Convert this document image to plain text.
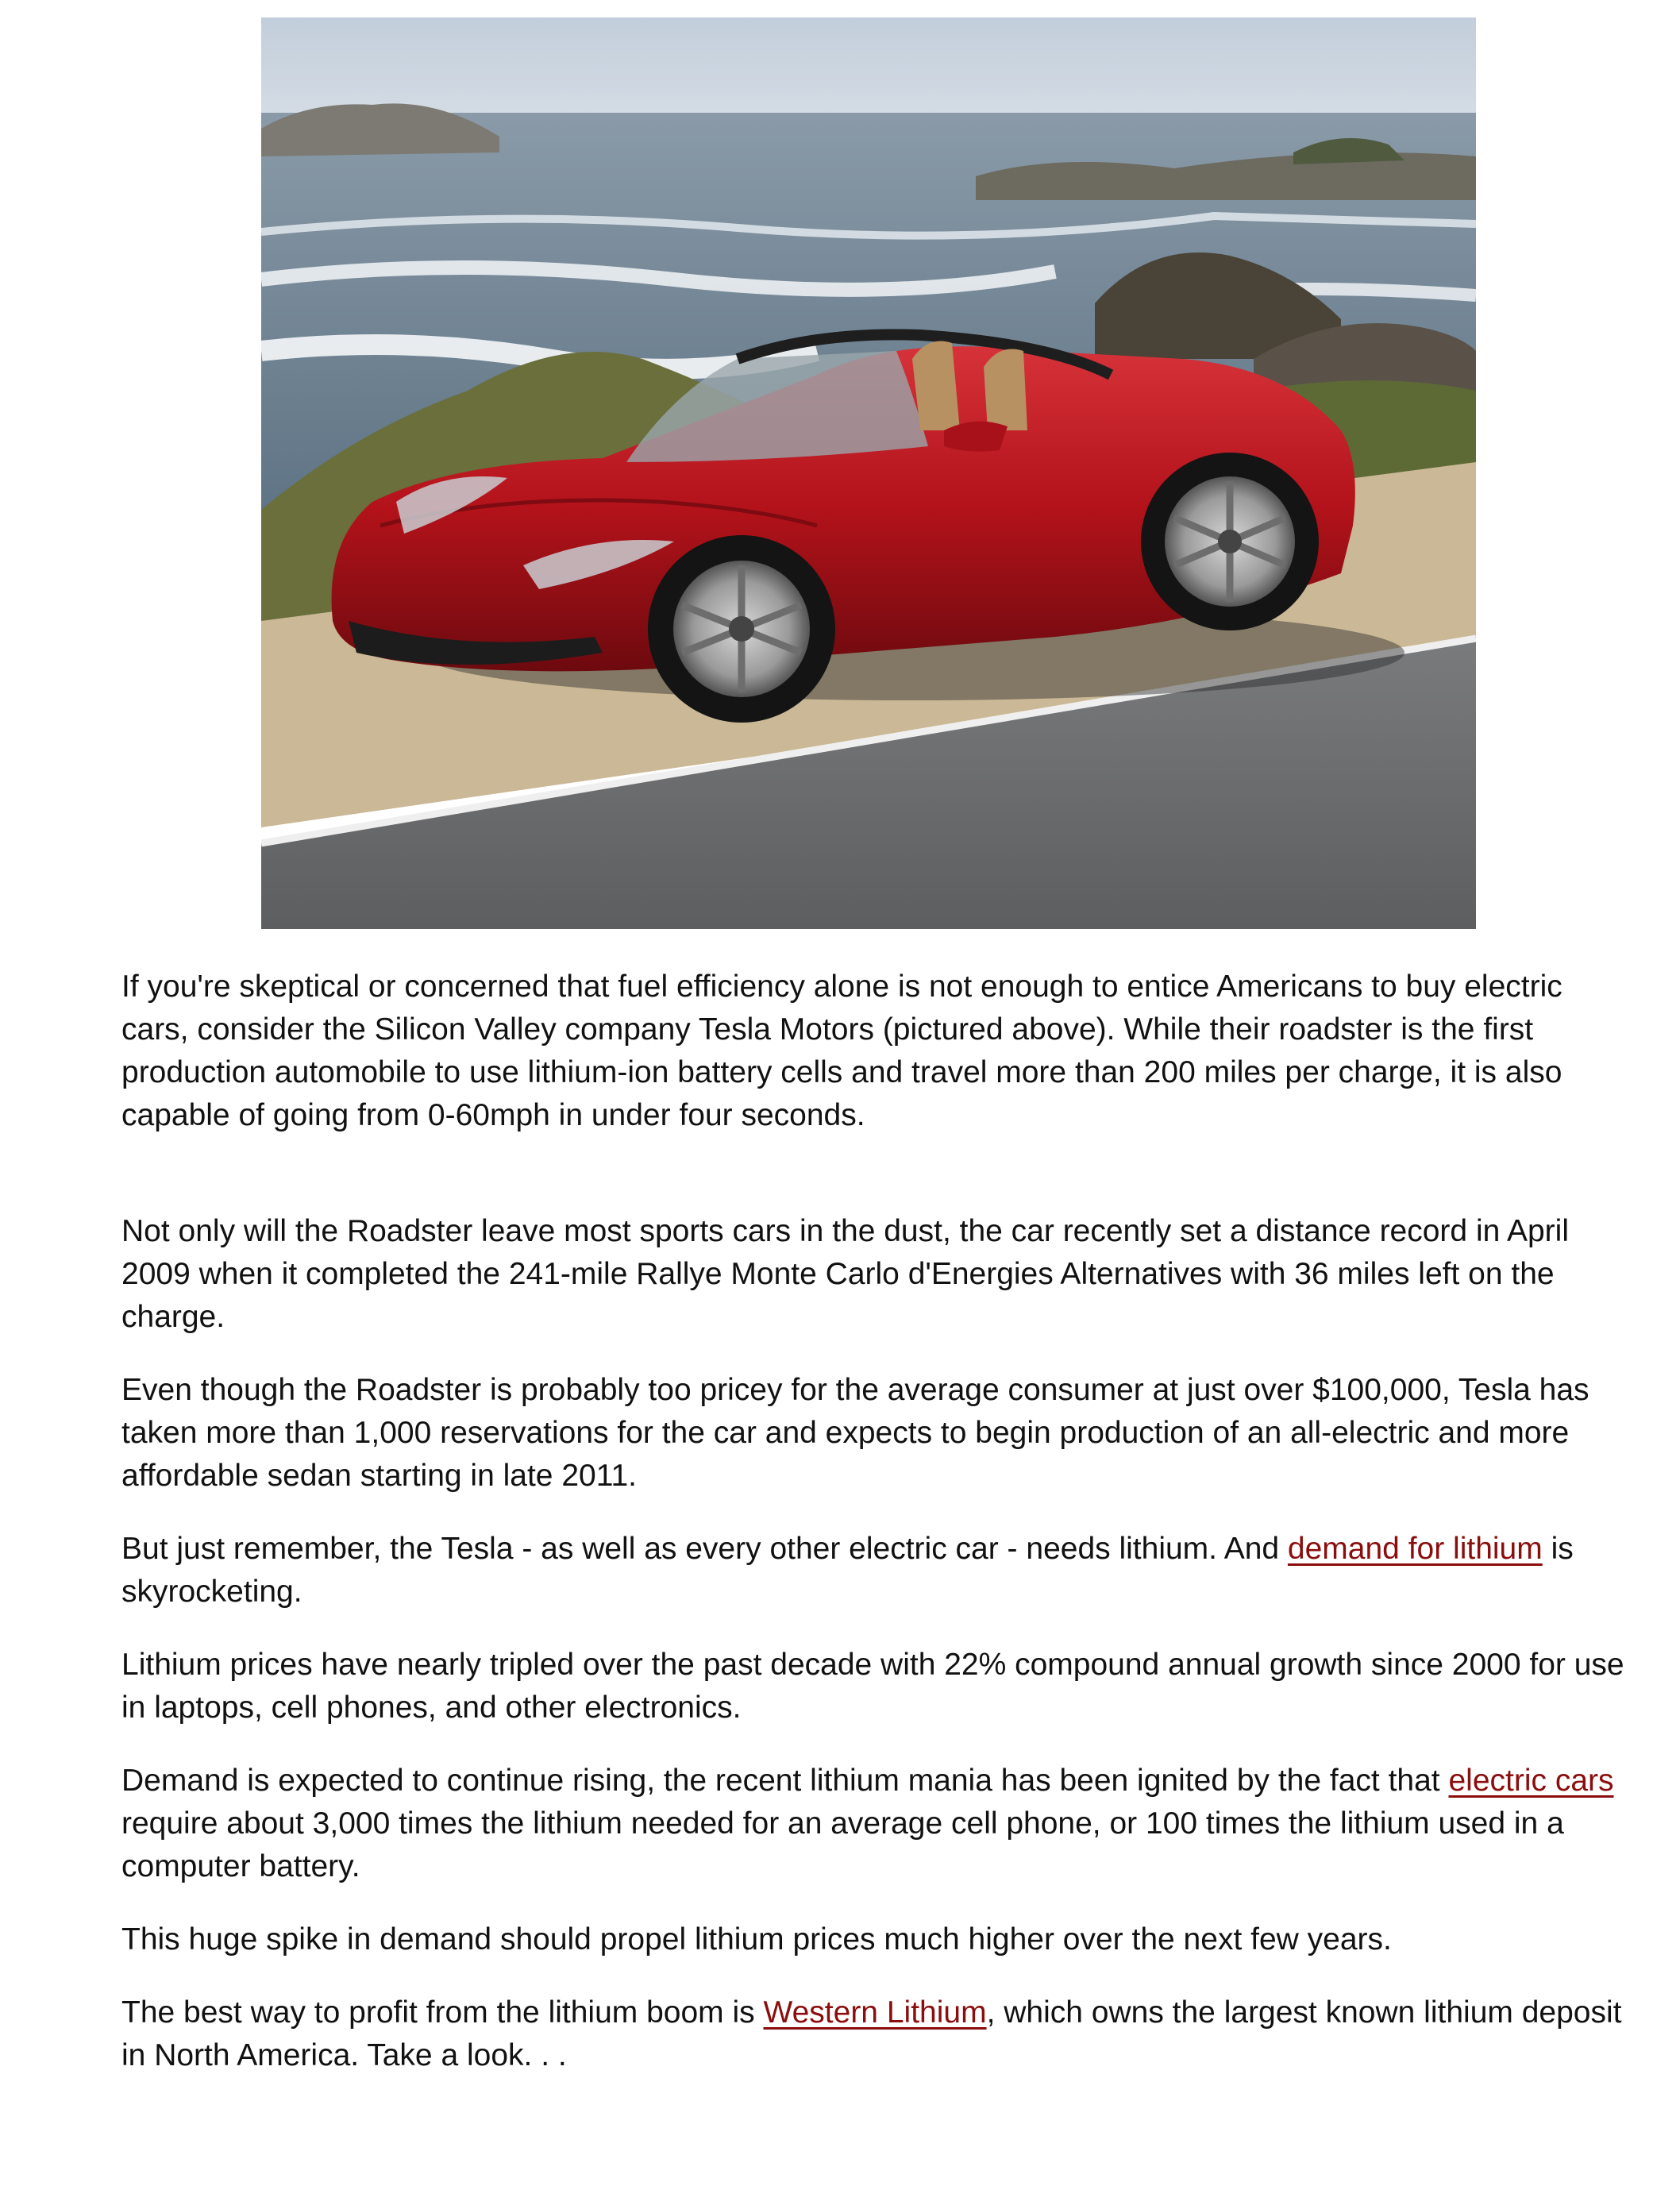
If you're skeptical or concerned that fuel efficiency alone is not enough to entice Americans to buy electric cars, consider the Silicon Valley company Tesla Motors (pictured above). While their roadster is the first production automobile to use lithium-ion battery cells and travel more than 200 miles per charge, it is also capable of going from 0-60mph in under four seconds.

Not only will the Roadster leave most sports cars in the dust, the car recently set a distance record in April 2009 when it completed the 241-mile Rallye Monte Carlo d'Energies Alternatives with 36 miles left on the charge.

Even though the Roadster is probably too pricey for the average consumer at just over $100,000, Tesla has taken more than 1,000 reservations for the car and expects to begin production of an all-electric and more affordable sedan starting in late 2011.

But just remember, the Tesla - as well as every other electric car - needs lithium. And demand for lithium is skyrocketing.

Lithium prices have nearly tripled over the past decade with 22% compound annual growth since 2000 for use in laptops, cell phones, and other electronics.

Demand is expected to continue rising, the recent lithium mania has been ignited by the fact that electric cars require about 3,000 times the lithium needed for an average cell phone, or 100 times the lithium used in a computer battery.

This huge spike in demand should propel lithium prices much higher over the next few years.

The best way to profit from the lithium boom is Western Lithium, which owns the largest known lithium deposit in North America. Take a look. . .
